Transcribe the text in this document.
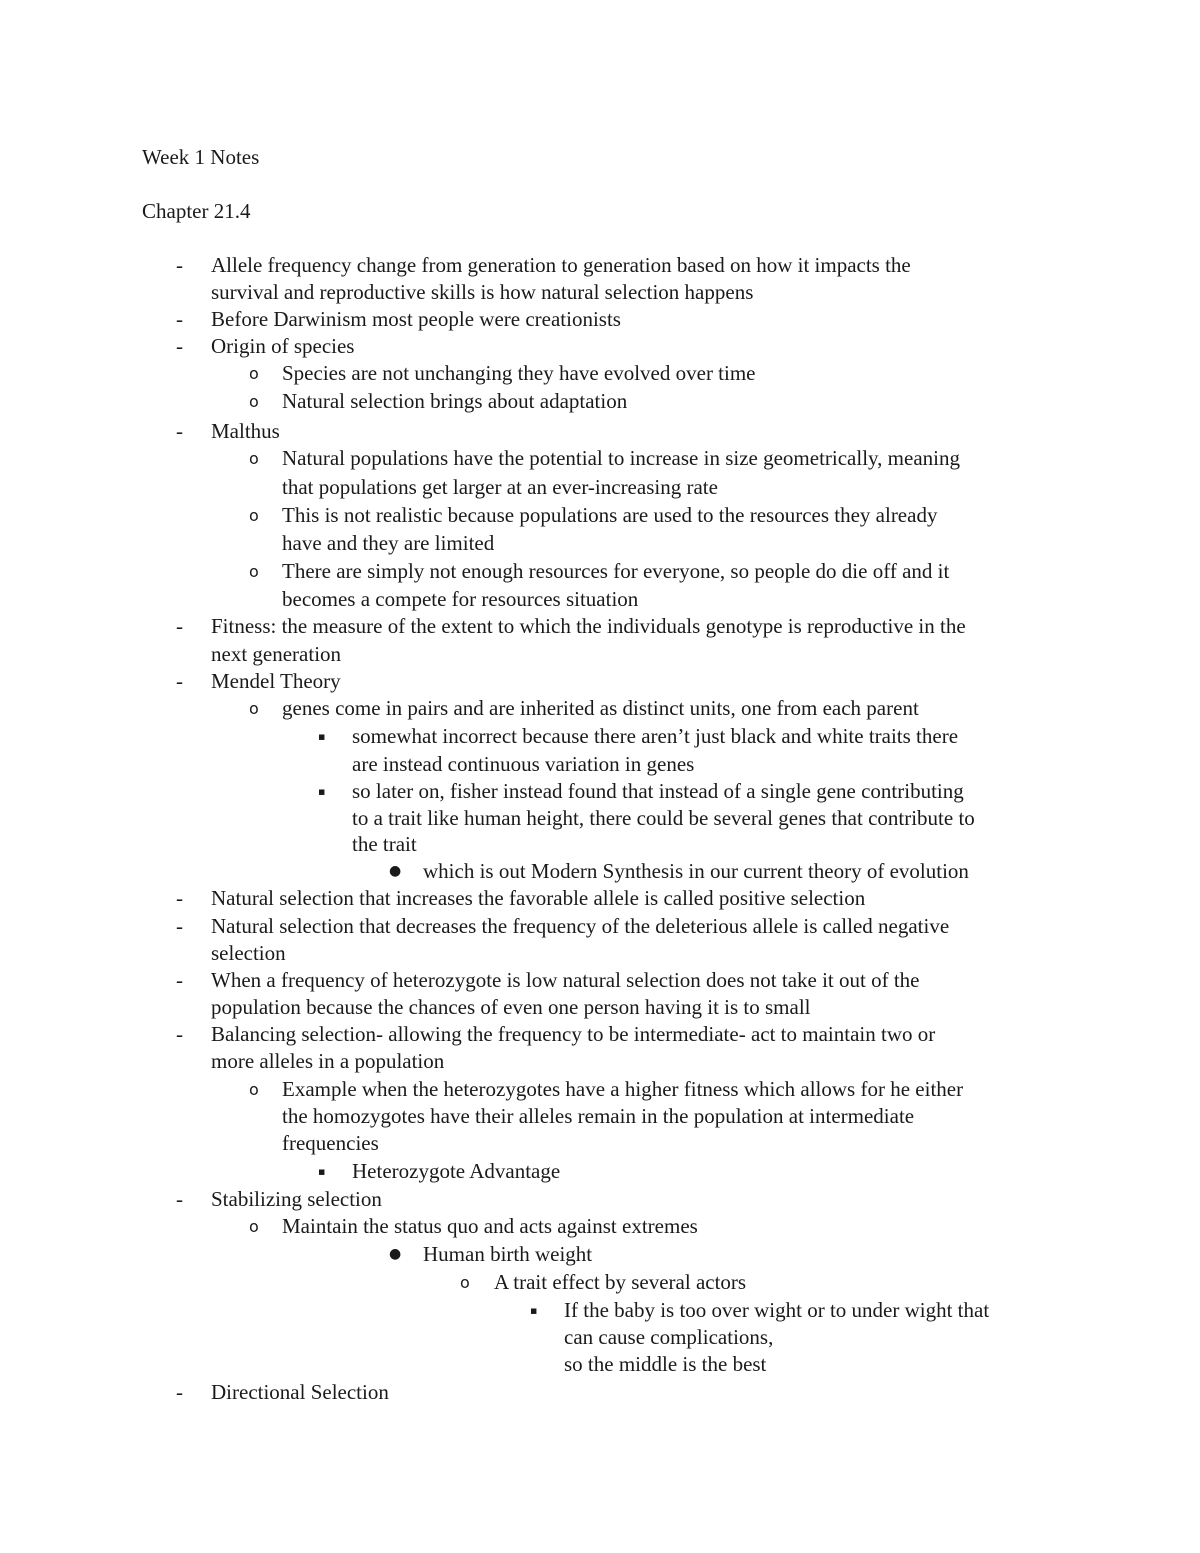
Week 1 Notes
Chapter 21.4
-	Allele frequency change from generation to generation based on how it impacts the
survival and reproductive skills is how natural selection happens
-	Before Darwinism most people were creationists
-	Origin of species
o Species are not unchanging they have evolved over time
o Natural selection brings about adaptation
-	Malthus
o Natural populations have the potential to increase in size geometrically, meaning
that populations get larger at an ever-increasing rate
o This is not realistic because populations are used to the resources they already
have and they are limited
o There are simply not enough resources for everyone, so people do die off and it
becomes a compete for resources situation
-	Fitness: the measure of the extent to which the individuals genotype is reproductive in the
next generation
-	Mendel Theory
o genes come in pairs and are inherited as distinct units, one from each parent
▪ somewhat incorrect because there aren’t just black and white traits there
are instead continuous variation in genes
▪ so later on, fisher instead found that instead of a single gene contributing
to a trait like human height, there could be several genes that contribute to
the trait
● which is out Modern Synthesis in our current theory of evolution
-	Natural selection that increases the favorable allele is called positive selection
-	Natural selection that decreases the frequency of the deleterious allele is called negative
selection
-	When a frequency of heterozygote is low natural selection does not take it out of the
population because the chances of even one person having it is to small
-	Balancing selection- allowing the frequency to be intermediate- act to maintain two or
more alleles in a population
o Example when the heterozygotes have a higher fitness which allows for he either
the homozygotes have their alleles remain in the population at intermediate
frequencies
▪ Heterozygote Advantage
-	Stabilizing selection
o Maintain the status quo and acts against extremes
● Human birth weight
o A trait effect by several actors
▪ If the baby is too over wight or to under wight that
can cause complications,
so the middle is the best
-	Directional Selection
